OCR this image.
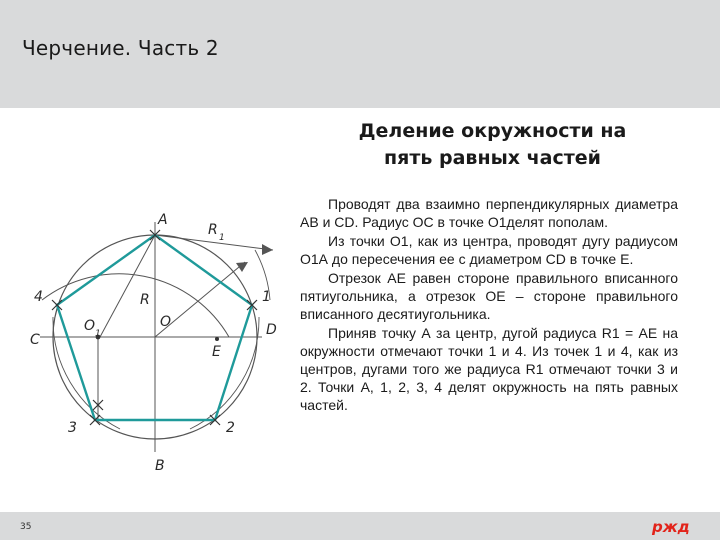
Черчение. Часть 2
Деление окружности на
пять равных частей
A
B
C
D
E
O
O 1
R
R 1
1
2
3
4

Проводят два взаимно перпендикулярных диаметра АВ и CD. Радиус ОС в точке О1делят пополам.

Из точки О1, как из центра, проводят дугу радиусом О1А до пересечения ее с диаметром CD в точке Е.

Отрезок АЕ равен стороне правильного вписанного пятиугольника, а отрезок ОЕ – стороне правильного вписанного десятиугольника.

Приняв точку А за центр, дугой радиуса R1 = АЕ на окружности отмечают точки 1 и 4. Из точек 1 и 4, как из центров, дугами того же радиуса R1 отмечают точки 3 и 2. Точки А, 1, 2, 3, 4 делят окружность на пять равных частей.

35	ржд
